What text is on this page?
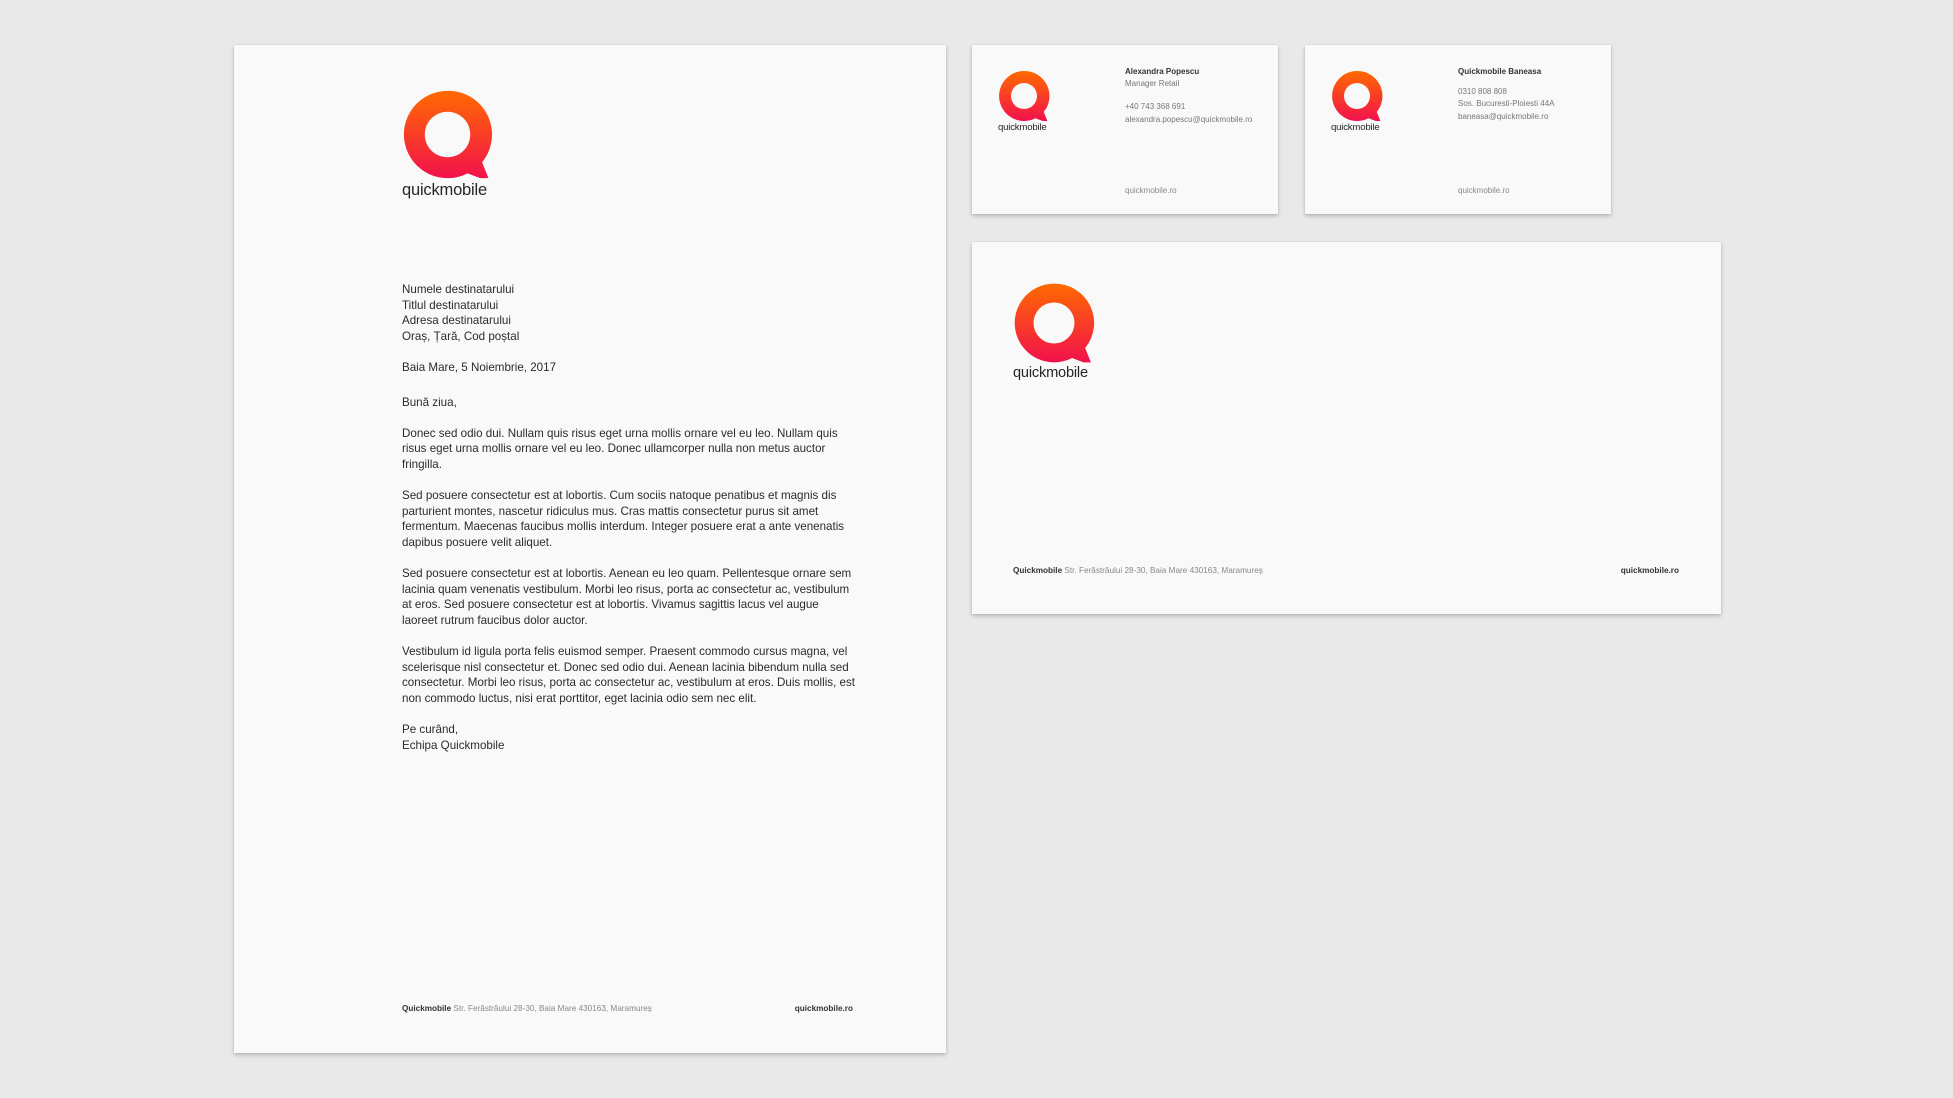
quickmobile

Numele destinatarului
Titlul destinatarului
Adresa destinatarului
Oraș, Țară, Cod poștal

Baia Mare, 5 Noiembrie, 2017

Bună ziua,

Donec sed odio dui. Nullam quis risus eget urna mollis ornare vel eu leo. Nullam quis risus eget urna mollis ornare vel eu leo. Donec ullamcorper nulla non metus auctor fringilla.

Sed posuere consectetur est at lobortis. Cum sociis natoque penatibus et magnis dis parturient montes, nascetur ridiculus mus. Cras mattis consectetur purus sit amet fermentum. Maecenas faucibus mollis interdum. Integer posuere erat a ante venenatis dapibus posuere velit aliquet.

Sed posuere consectetur est at lobortis. Aenean eu leo quam. Pellentesque ornare sem lacinia quam venenatis vestibulum. Morbi leo risus, porta ac consectetur ac, vestibulum at eros. Sed posuere consectetur est at lobortis. Vivamus sagittis lacus vel augue laoreet rutrum faucibus dolor auctor.

Vestibulum id ligula porta felis euismod semper. Praesent commodo cursus magna, vel scelerisque nisl consectetur et. Donec sed odio dui. Aenean lacinia bibendum nulla sed consectetur. Morbi leo risus, porta ac consectetur ac, vestibulum at eros. Duis mollis, est non commodo luctus, nisi erat porttitor, eget lacinia odio sem nec elit.

Pe curând,
Echipa Quickmobile

Quickmobile Str. Ferăstrăului 28-30, Baia Mare 430163, Maramureș	quickmobile.ro
quickmobile
Alexandra Popescu
Manager Retail
+40 743 368 691
alexandra.popescu@quickmobile.ro
quickmobile.ro
quickmobile
Quickmobile Baneasa
0310 808 808
Sos. Bucuresti-Ploiesti 44A
baneasa@quickmobile.ro
quickmobile.ro
quickmobile
Quickmobile Str. Ferăstrăului 28-30, Baia Mare 430163, Maramureș	quickmobile.ro
